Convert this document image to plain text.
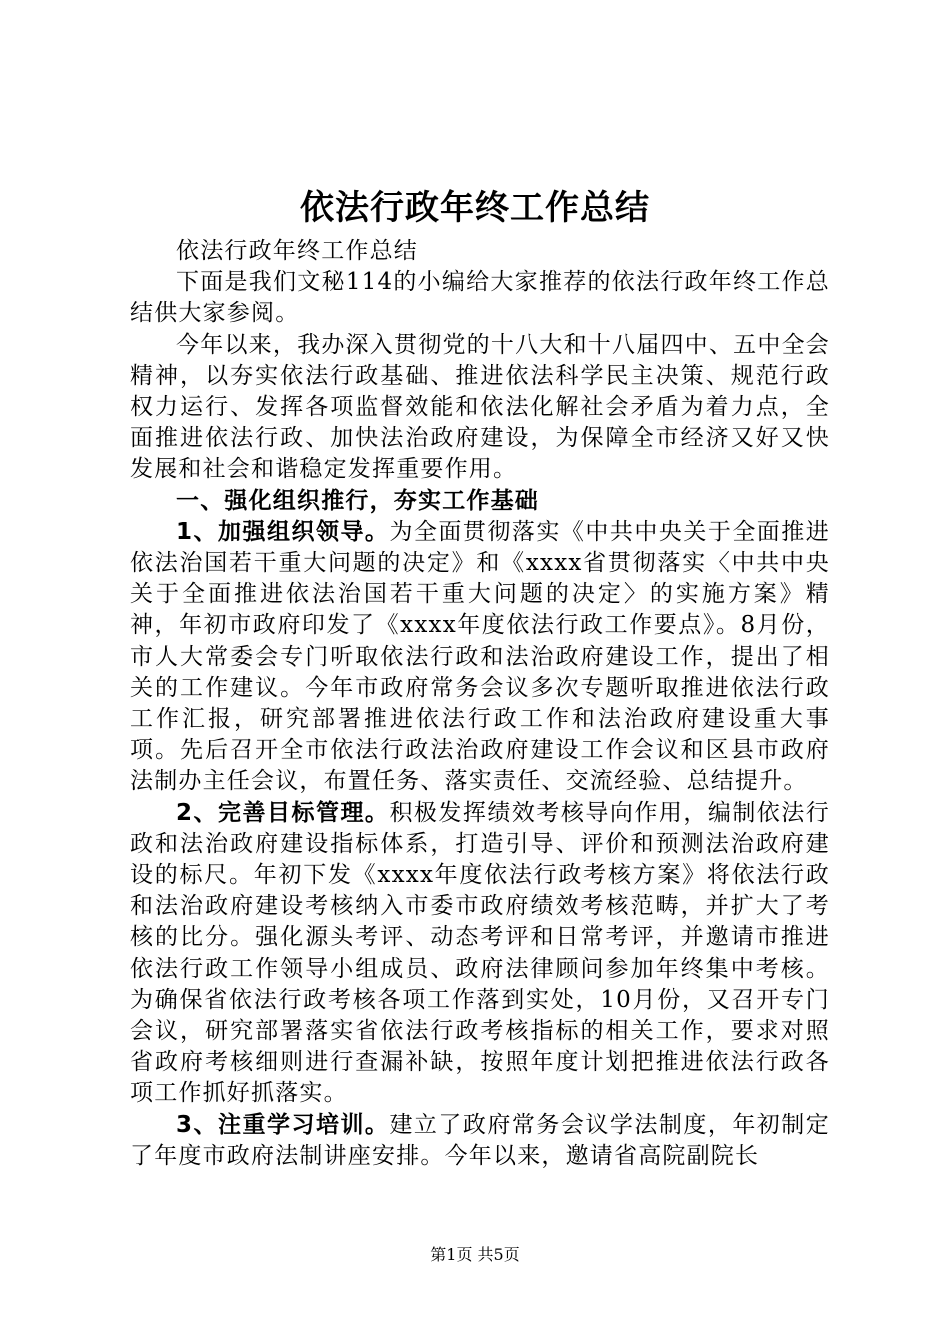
依法行政年终工作总结

依法行政年终工作总结

下面是我们文秘114的小编给大家推荐的依法行政年终工作总结供大家参阅。

今年以来，我办深入贯彻党的十八大和十八届四中、五中全会精神，以夯实依法行政基础、推进依法科学民主决策、规范行政权力运行、发挥各项监督效能和依法化解社会矛盾为着力点，全面推进依法行政、加快法治政府建设，为保障全市经济又好又快发展和社会和谐稳定发挥重要作用。

一、强化组织推行，夯实工作基础

1、加强组织领导。为全面贯彻落实《中共中央关于全面推进依法治国若干重大问题的决定》和《xxxx省贯彻落实〈中共中央关于全面推进依法治国若干重大问题的决定〉的实施方案》精神，年初市政府印发了《xxxx年度依法行政工作要点》。8月份，市人大常委会专门听取依法行政和法治政府建设工作，提出了相关的工作建议。今年市政府常务会议多次专题听取推进依法行政工作汇报，研究部署推进依法行政工作和法治政府建设重大事项。先后召开全市依法行政法治政府建设工作会议和区县市政府法制办主任会议，布置任务、落实责任、交流经验、总结提升。

2、完善目标管理。积极发挥绩效考核导向作用，编制依法行政和法治政府建设指标体系，打造引导、评价和预测法治政府建设的标尺。年初下发《xxxx年度依法行政考核方案》将依法行政和法治政府建设考核纳入市委市政府绩效考核范畴，并扩大了考核的比分。强化源头考评、动态考评和日常考评，并邀请市推进依法行政工作领导小组成员、政府法律顾问参加年终集中考核。为确保省依法行政考核各项工作落到实处，10月份，又召开专门会议，研究部署落实省依法行政考核指标的相关工作，要求对照省政府考核细则进行查漏补缺，按照年度计划把推进依法行政各项工作抓好抓落实。

3、注重学习培训。建立了政府常务会议学法制度，年初制定了年度市政府法制讲座安排。今年以来，邀请省高院副院长

第1页 共5页
